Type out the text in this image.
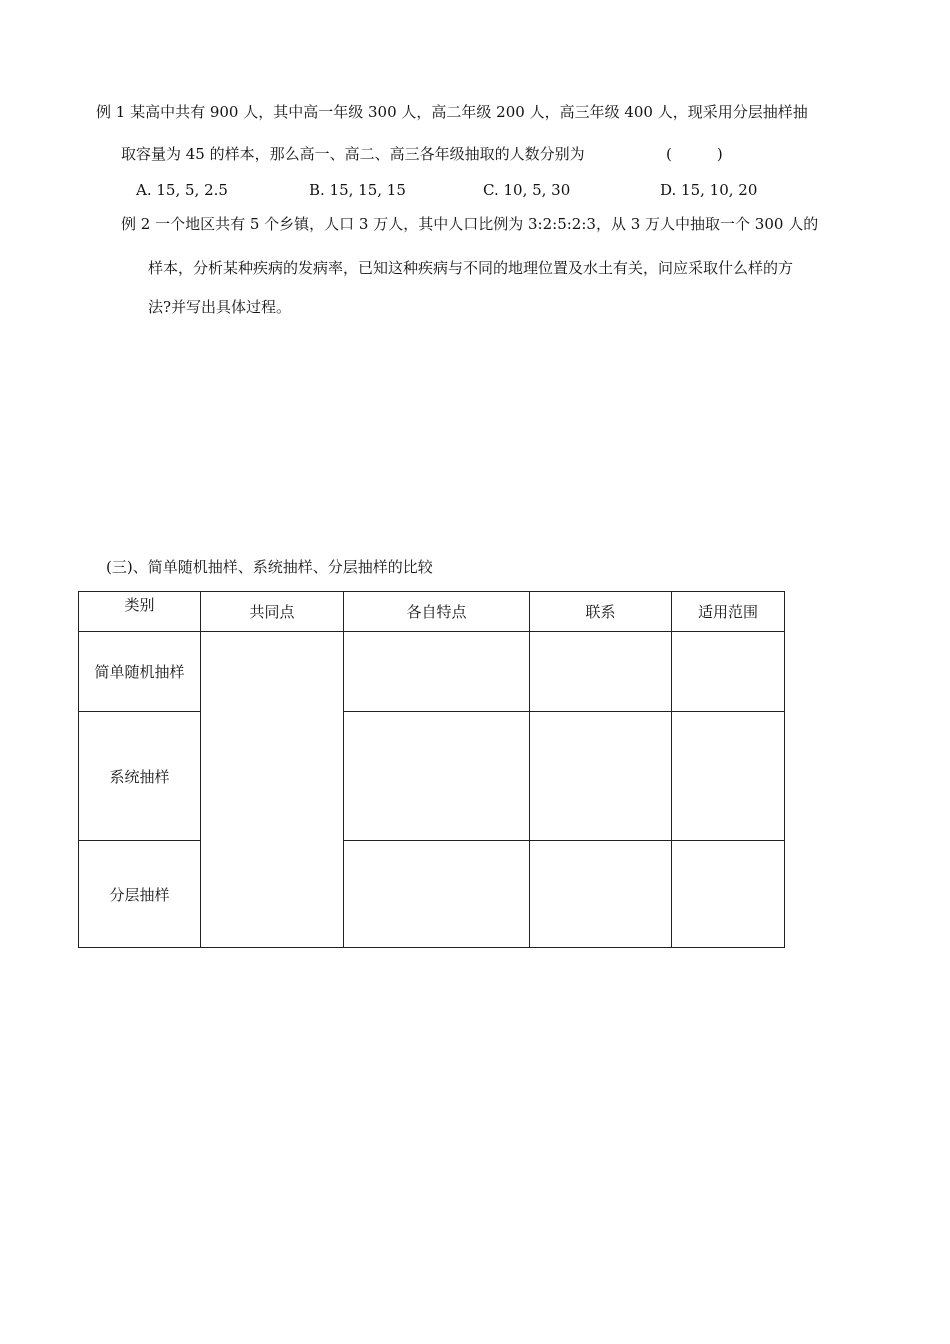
例 1 某高中共有 900 人，其中高一年级 300 人，高二年级 200 人，高三年级 400 人，现采用分层抽样抽
取容量为 45 的样本，那么高一、高二、高三各年级抽取的人数分别为	(　　　)
A. 15, 5, 2.5	B. 15, 15, 15	C. 10, 5, 30	D. 15, 10, 20
例 2 一个地区共有 5 个乡镇，人口 3 万人，其中人口比例为 3:2:5:2:3，从 3 万人中抽取一个 300 人的
样本，分析某种疾病的发病率，已知这种疾病与不同的地理位置及水土有关，问应采取什么样的方
法?并写出具体过程。
(三)、简单随机抽样、系统抽样、分层抽样的比较
类别	共同点	各自特点	联系	适用范围
简单随机抽样				
系统抽样				
分层抽样				
